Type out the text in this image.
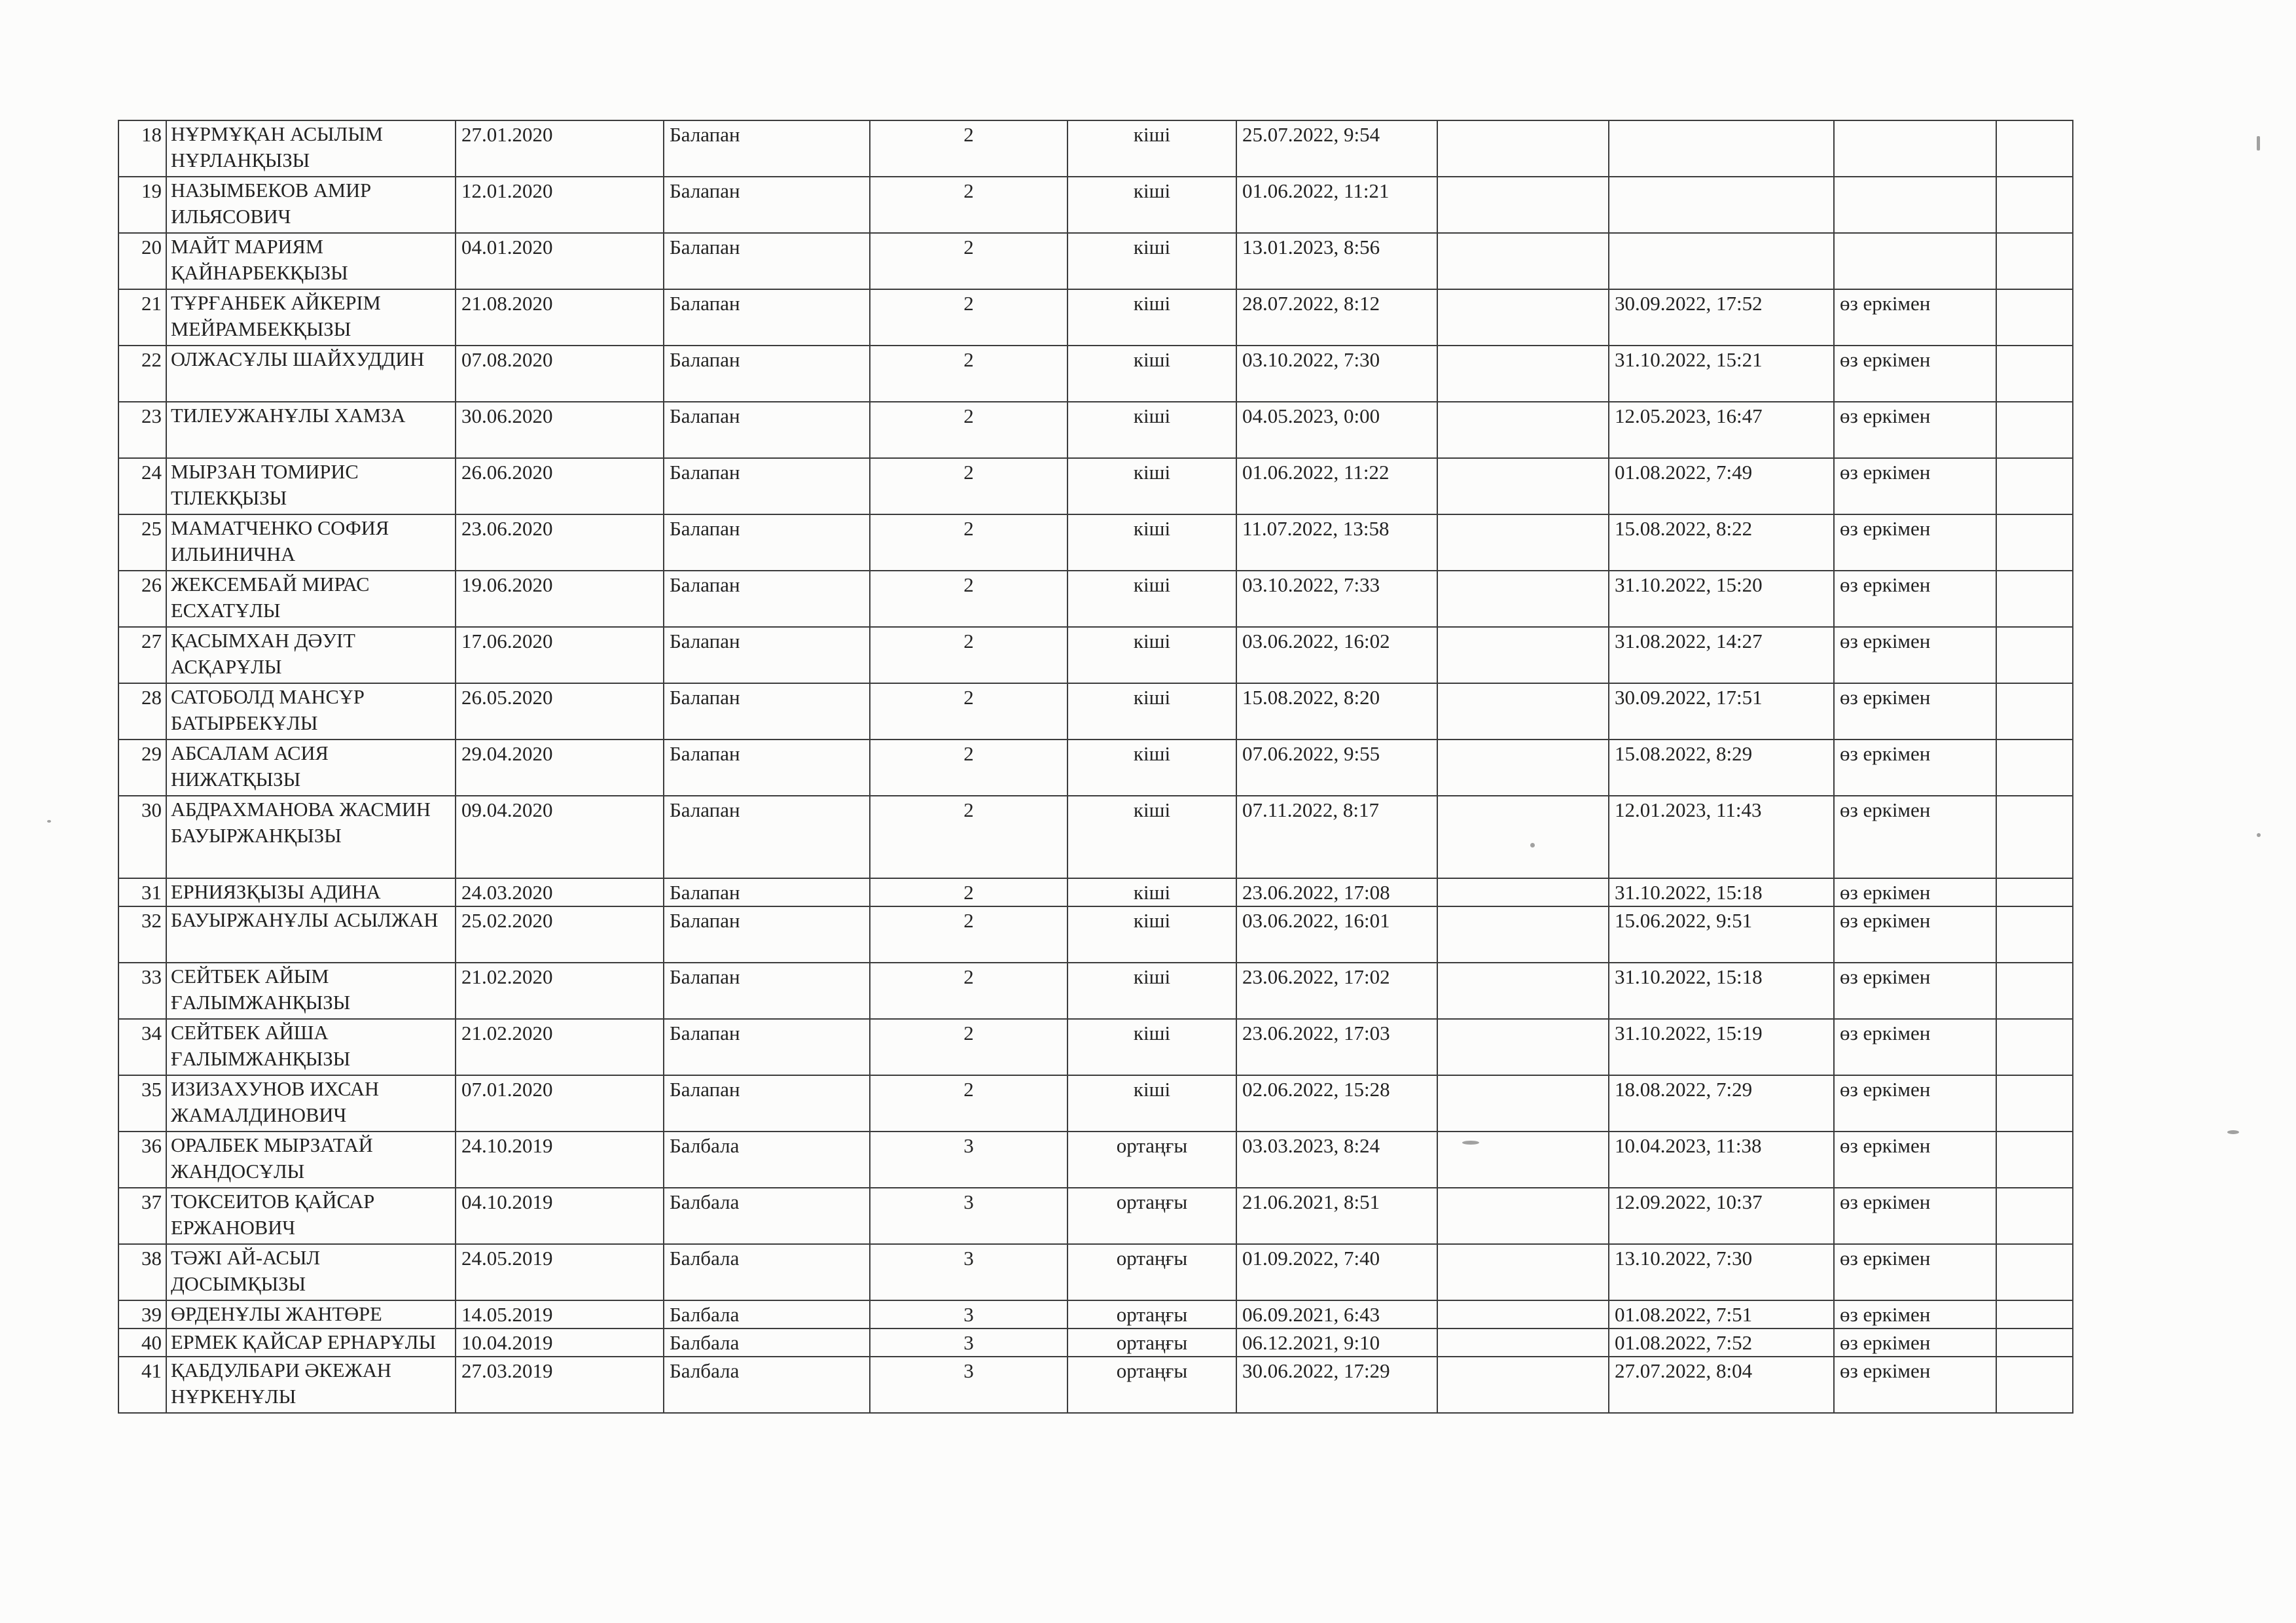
18	НҰРМҰҚАН АСЫЛЫМ НҰРЛАНҚЫЗЫ	27.01.2020	Балапан	2	кіші	25.07.2022, 9:54				
19	НАЗЫМБЕКОВ АМИР ИЛЬЯСОВИЧ	12.01.2020	Балапан	2	кіші	01.06.2022, 11:21				
20	МАЙТ МАРИЯМ ҚАЙНАРБЕКҚЫЗЫ	04.01.2020	Балапан	2	кіші	13.01.2023, 8:56				
21	ТҰРҒАНБЕК АЙКЕРІМ МЕЙРАМБЕКҚЫЗЫ	21.08.2020	Балапан	2	кіші	28.07.2022, 8:12		30.09.2022, 17:52	өз еркімен	
22	ОЛЖАСҰЛЫ ШАЙХУДДИН	07.08.2020	Балапан	2	кіші	03.10.2022, 7:30		31.10.2022, 15:21	өз еркімен	
23	ТИЛЕУЖАНҰЛЫ ХАМЗА	30.06.2020	Балапан	2	кіші	04.05.2023, 0:00		12.05.2023, 16:47	өз еркімен	
24	МЫРЗАН ТОМИРИС ТІЛЕКҚЫЗЫ	26.06.2020	Балапан	2	кіші	01.06.2022, 11:22		01.08.2022, 7:49	өз еркімен	
25	МАМАТЧЕНКО СОФИЯ ИЛЬИНИЧНА	23.06.2020	Балапан	2	кіші	11.07.2022, 13:58		15.08.2022, 8:22	өз еркімен	
26	ЖЕКСЕМБАЙ МИРАС ЕСХАТҰЛЫ	19.06.2020	Балапан	2	кіші	03.10.2022, 7:33		31.10.2022, 15:20	өз еркімен	
27	ҚАСЫМХАН ДӘУІТ АСҚАРҰЛЫ	17.06.2020	Балапан	2	кіші	03.06.2022, 16:02		31.08.2022, 14:27	өз еркімен	
28	САТОБОЛД МАНСҰР БАТЫРБЕКҰЛЫ	26.05.2020	Балапан	2	кіші	15.08.2022, 8:20		30.09.2022, 17:51	өз еркімен	
29	АБСАЛАМ АСИЯ НИЖАТҚЫЗЫ	29.04.2020	Балапан	2	кіші	07.06.2022, 9:55		15.08.2022, 8:29	өз еркімен	
30	АБДРАХМАНОВА ЖАСМИН БАУЫРЖАНҚЫЗЫ	09.04.2020	Балапан	2	кіші	07.11.2022, 8:17		12.01.2023, 11:43	өз еркімен	
31	ЕРНИЯЗҚЫЗЫ АДИНА	24.03.2020	Балапан	2	кіші	23.06.2022, 17:08		31.10.2022, 15:18	өз еркімен	
32	БАУЫРЖАНҰЛЫ АСЫЛЖАН	25.02.2020	Балапан	2	кіші	03.06.2022, 16:01		15.06.2022, 9:51	өз еркімен	
33	СЕЙТБЕК АЙЫМ ҒАЛЫМЖАНҚЫЗЫ	21.02.2020	Балапан	2	кіші	23.06.2022, 17:02		31.10.2022, 15:18	өз еркімен	
34	СЕЙТБЕК АЙША ҒАЛЫМЖАНҚЫЗЫ	21.02.2020	Балапан	2	кіші	23.06.2022, 17:03		31.10.2022, 15:19	өз еркімен	
35	ИЗИЗАХУНОВ ИХСАН ЖАМАЛДИНОВИЧ	07.01.2020	Балапан	2	кіші	02.06.2022, 15:28		18.08.2022, 7:29	өз еркімен	
36	ОРАЛБЕК МЫРЗАТАЙ ЖАНДОСҰЛЫ	24.10.2019	Балбала	3	ортаңғы	03.03.2023, 8:24		10.04.2023, 11:38	өз еркімен	
37	ТОКСЕИТОВ ҚАЙСАР ЕРЖАНОВИЧ	04.10.2019	Балбала	3	ортаңғы	21.06.2021, 8:51		12.09.2022, 10:37	өз еркімен	
38	ТӘЖІ АЙ-АСЫЛ ДОСЫМҚЫЗЫ	24.05.2019	Балбала	3	ортаңғы	01.09.2022, 7:40		13.10.2022, 7:30	өз еркімен	
39	ӨРДЕНҰЛЫ ЖАНТӨРЕ	14.05.2019	Балбала	3	ортаңғы	06.09.2021, 6:43		01.08.2022, 7:51	өз еркімен	
40	ЕРМЕК ҚАЙСАР ЕРНАРҰЛЫ	10.04.2019	Балбала	3	ортаңғы	06.12.2021, 9:10		01.08.2022, 7:52	өз еркімен	
41	ҚАБДУЛБАРИ ӘКЕЖАН НҰРКЕНҰЛЫ	27.03.2019	Балбала	3	ортаңғы	30.06.2022, 17:29		27.07.2022, 8:04	өз еркімен	
